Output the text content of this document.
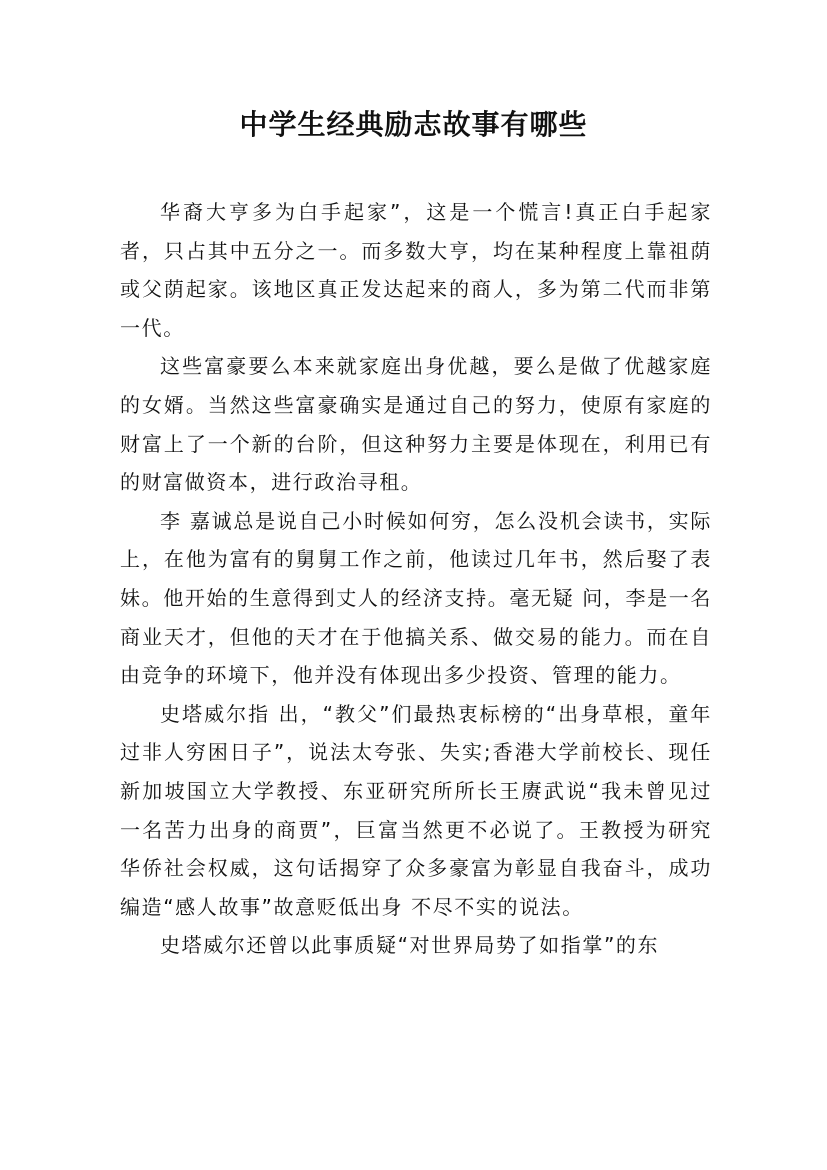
中学生经典励志故事有哪些

华裔大亨多为白手起家”，这是一个慌言!真正白手起家者，只占其中五分之一。而多数大亨，均在某种程度上靠祖荫或父荫起家。该地区真正发达起来的商人，多为第二代而非第一代。

这些富豪要么本来就家庭出身优越，要么是做了优越家庭的女婿。当然这些富豪确实是通过自己的努力，使原有家庭的财富上了一个新的台阶，但这种努力主要是体现在，利用已有的财富做资本，进行政治寻租。

李 嘉诚总是说自己小时候如何穷，怎么没机会读书，实际上，在他为富有的舅舅工作之前，他读过几年书，然后娶了表妹。他开始的生意得到丈人的经济支持。毫无疑 问，李是一名商业天才，但他的天才在于他搞关系、做交易的能力。而在自由竞争的环境下，他并没有体现出多少投资、管理的能力。

史塔威尔指 出，“教父”们最热衷标榜的“出身草根，童年过非人穷困日子”，说法太夸张、失实;香港大学前校长、现任新加坡国立大学教授、东亚研究所所长王赓武说“我未曾见过一名苦力出身的商贾”，巨富当然更不必说了。王教授为研究华侨社会权威，这句话揭穿了众多豪富为彰显自我奋斗，成功编造“感人故事”故意贬低出身 不尽不实的说法。

史塔威尔还曾以此事质疑“对世界局势了如指掌”的东
